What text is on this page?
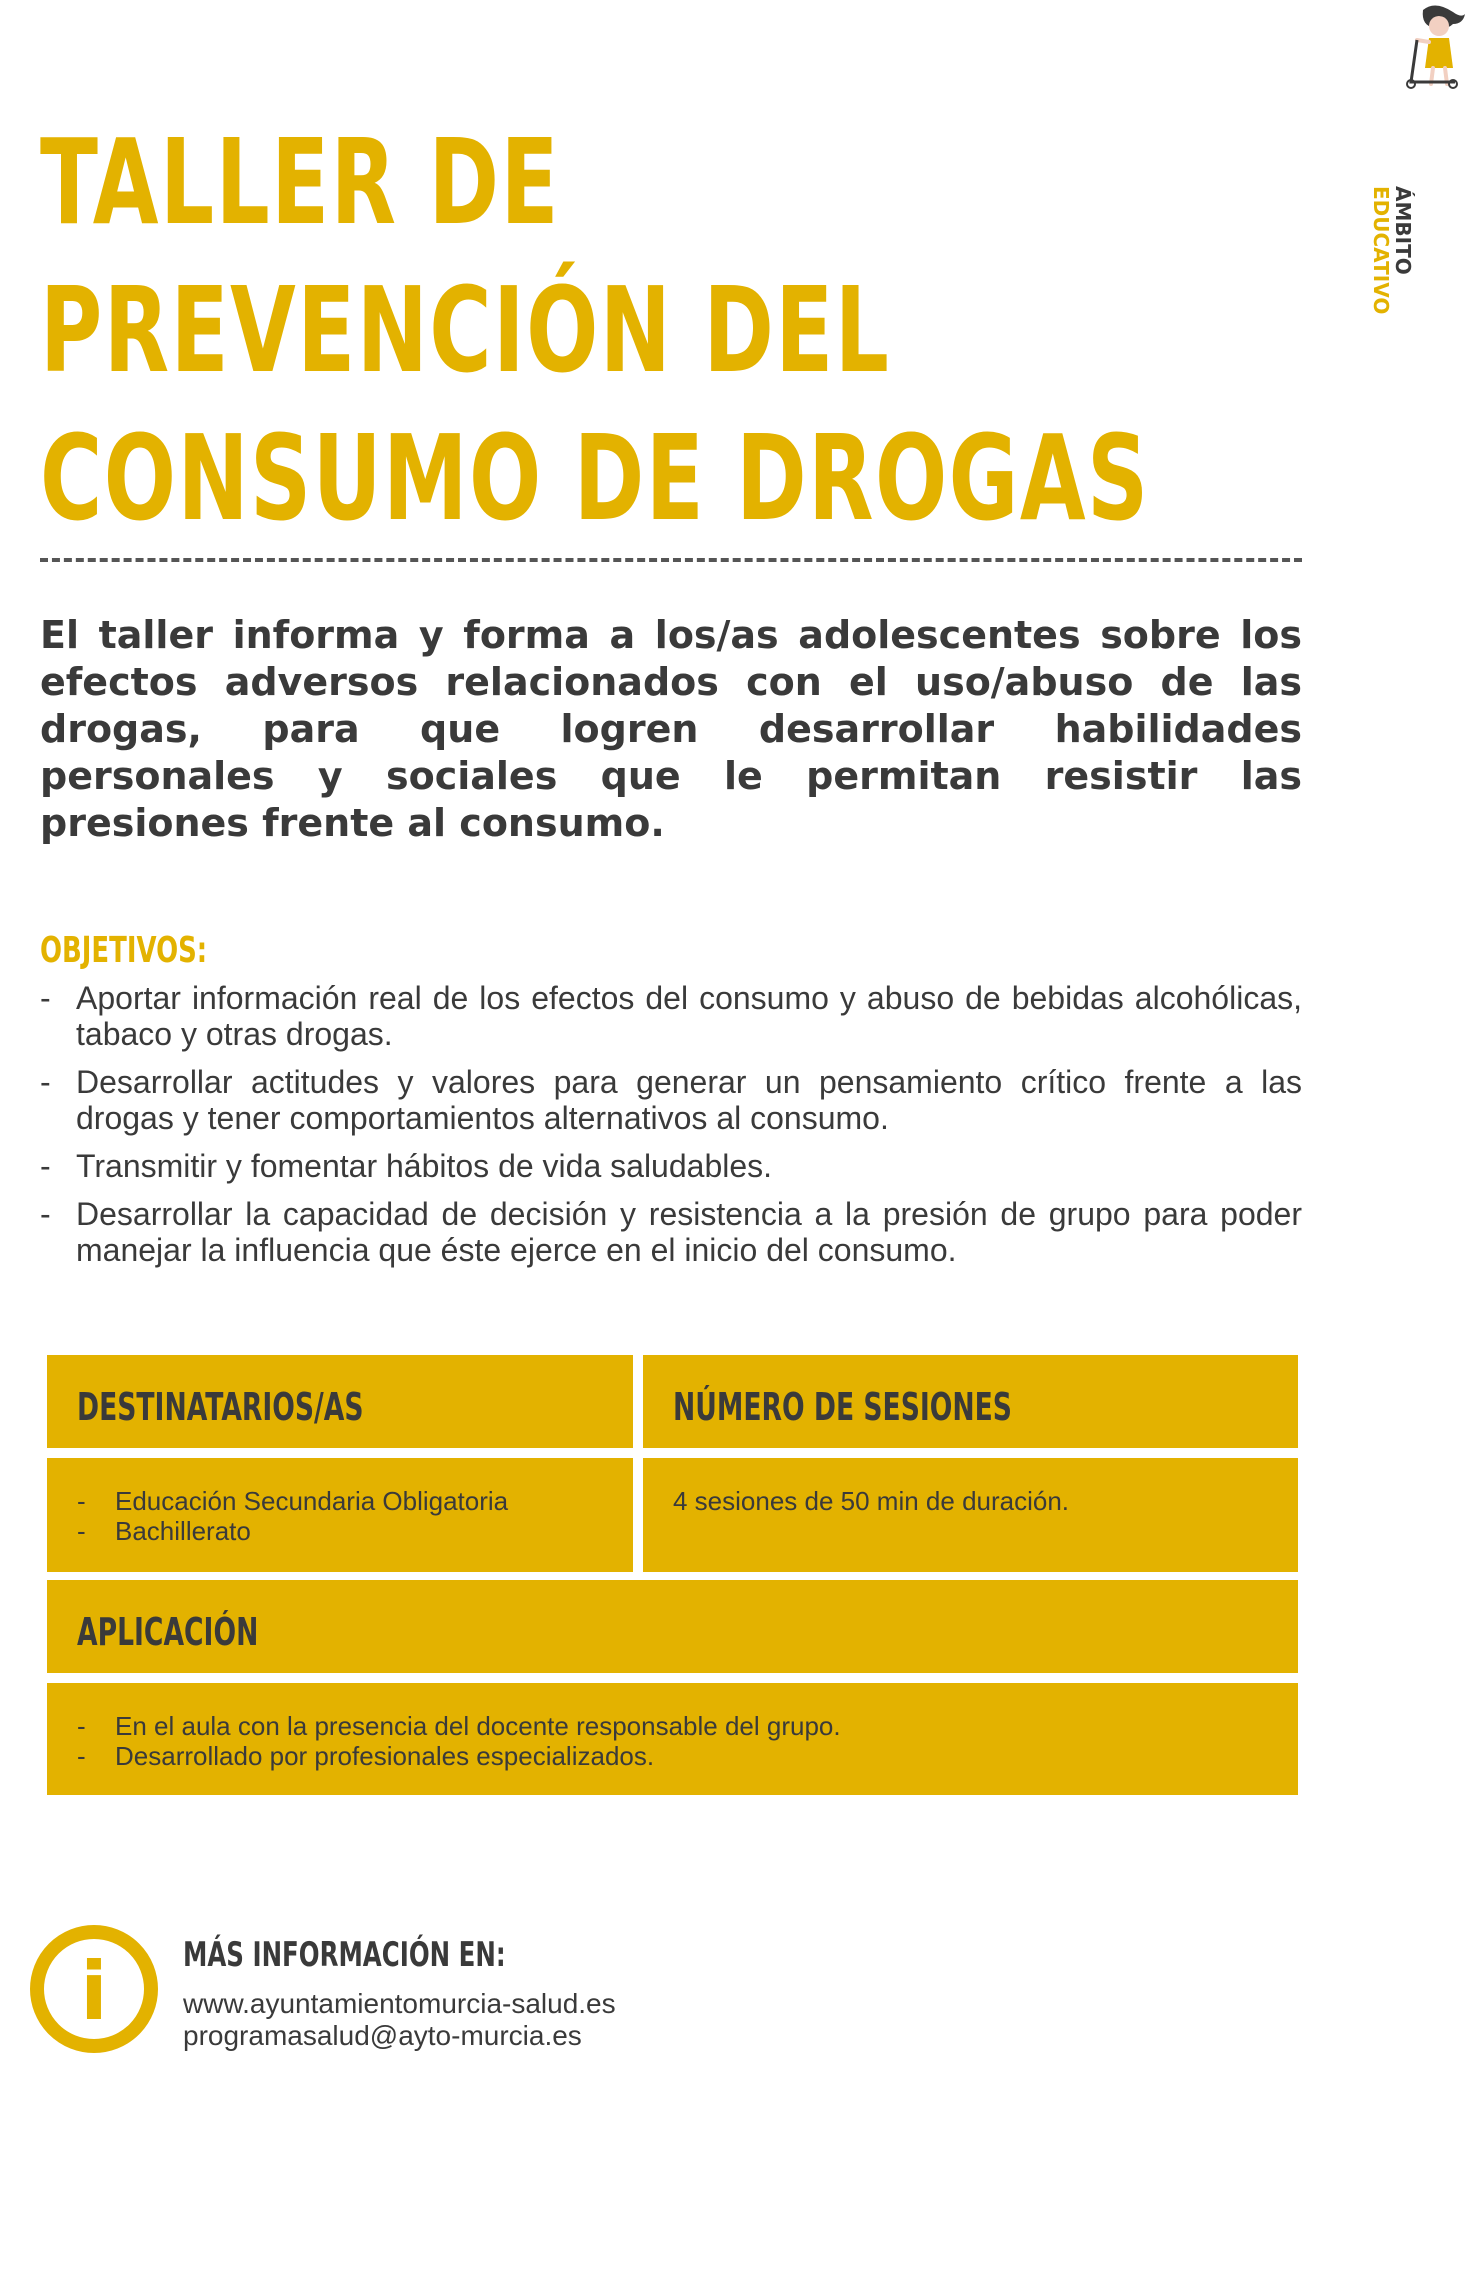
TALLER DE
PREVENCIÓN DEL
CONSUMO DE DROGAS

El taller informa y forma a los/as adolescentes sobre los efectos adversos relacionados con el uso/abuso de las drogas, para que logren desarrollar habilidades personales y sociales que le permitan resistir las presiones frente al consumo.

OBJETIVOS:
- Aportar información real de los efectos del consumo y abuso de bebidas alcohólicas, tabaco y otras drogas.
- Desarrollar actitudes y valores para generar un pensamiento crítico frente a las drogas y tener comportamientos alternativos al consumo.
- Transmitir y fomentar hábitos de vida saludables.
- Desarrollar la capacidad de decisión y resistencia a la presión de grupo para poder manejar la influencia que éste ejerce en el inicio del consumo.
DESTINATARIOS/AS	NÚMERO DE SESIONES
- Educación Secundaria Obligatoria
- Bachillerato

4 sesiones de 50 min de duración.

APLICACIÓN
- En el aula con la presencia del docente responsable del grupo.
- Desarrollado por profesionales especializados.
i	MÁS INFORMACIÓN EN:
www.ayuntamientomurcia-salud.es
programasalud@ayto-murcia.es
ÁMBITO
EDUCATIVO
